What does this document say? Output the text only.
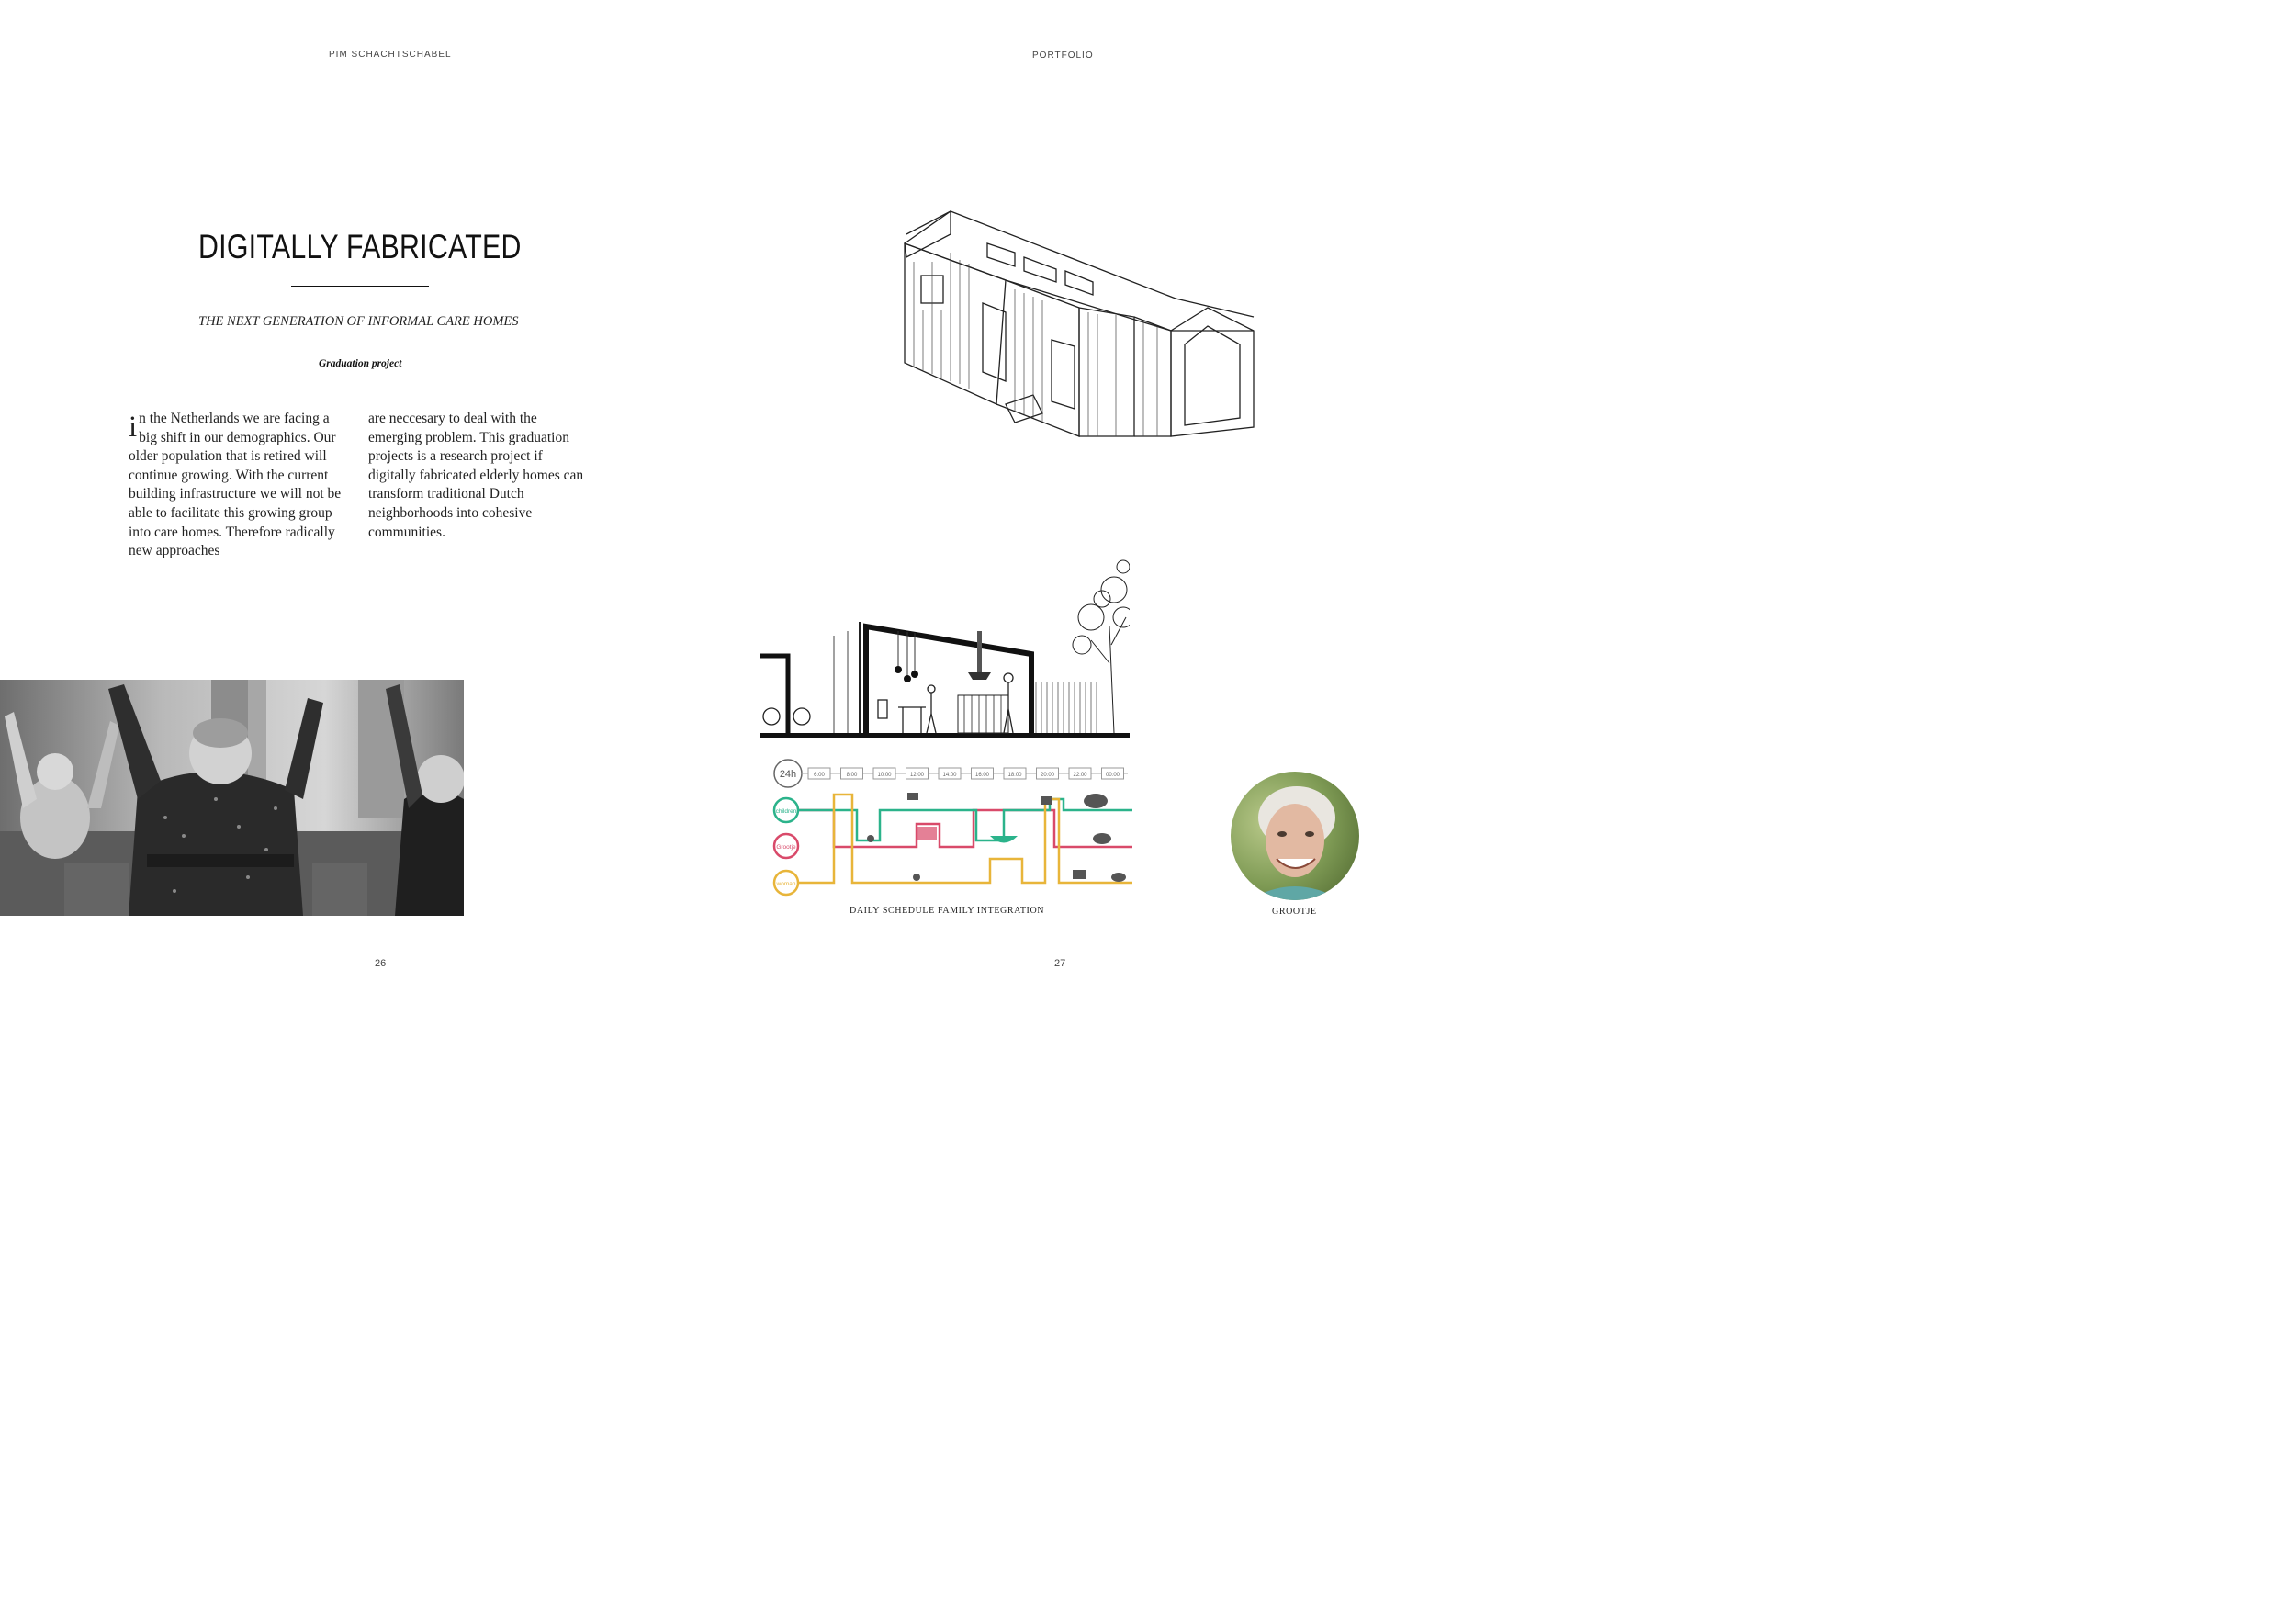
PIM SCHACHTSCHABEL	PORTFOLIO
DIGITALLY FABRICATED
THE NEXT GENERATION OF INFORMAL CARE HOMES
Graduation project
in the Netherlands we are facing a big shift in our demographics. Our older population that is retired will continue growing. With the current building infrastructure we will not be able to facilitate this growing group into care homes. Therefore radically new approaches
are neccesary to deal with the emerging problem. This graduation projects is a research project if digitally fabricated elderly homes can transform traditional Dutch neighborhoods into cohesive communities.
24h	6:00	8:00	10:00	12:00	14:00	16:00	18:00	20:00	22:00	00:00
children
Grootje
woman
DAILY SCHEDULE FAMILY INTEGRATION	GROOTJE
26	27
